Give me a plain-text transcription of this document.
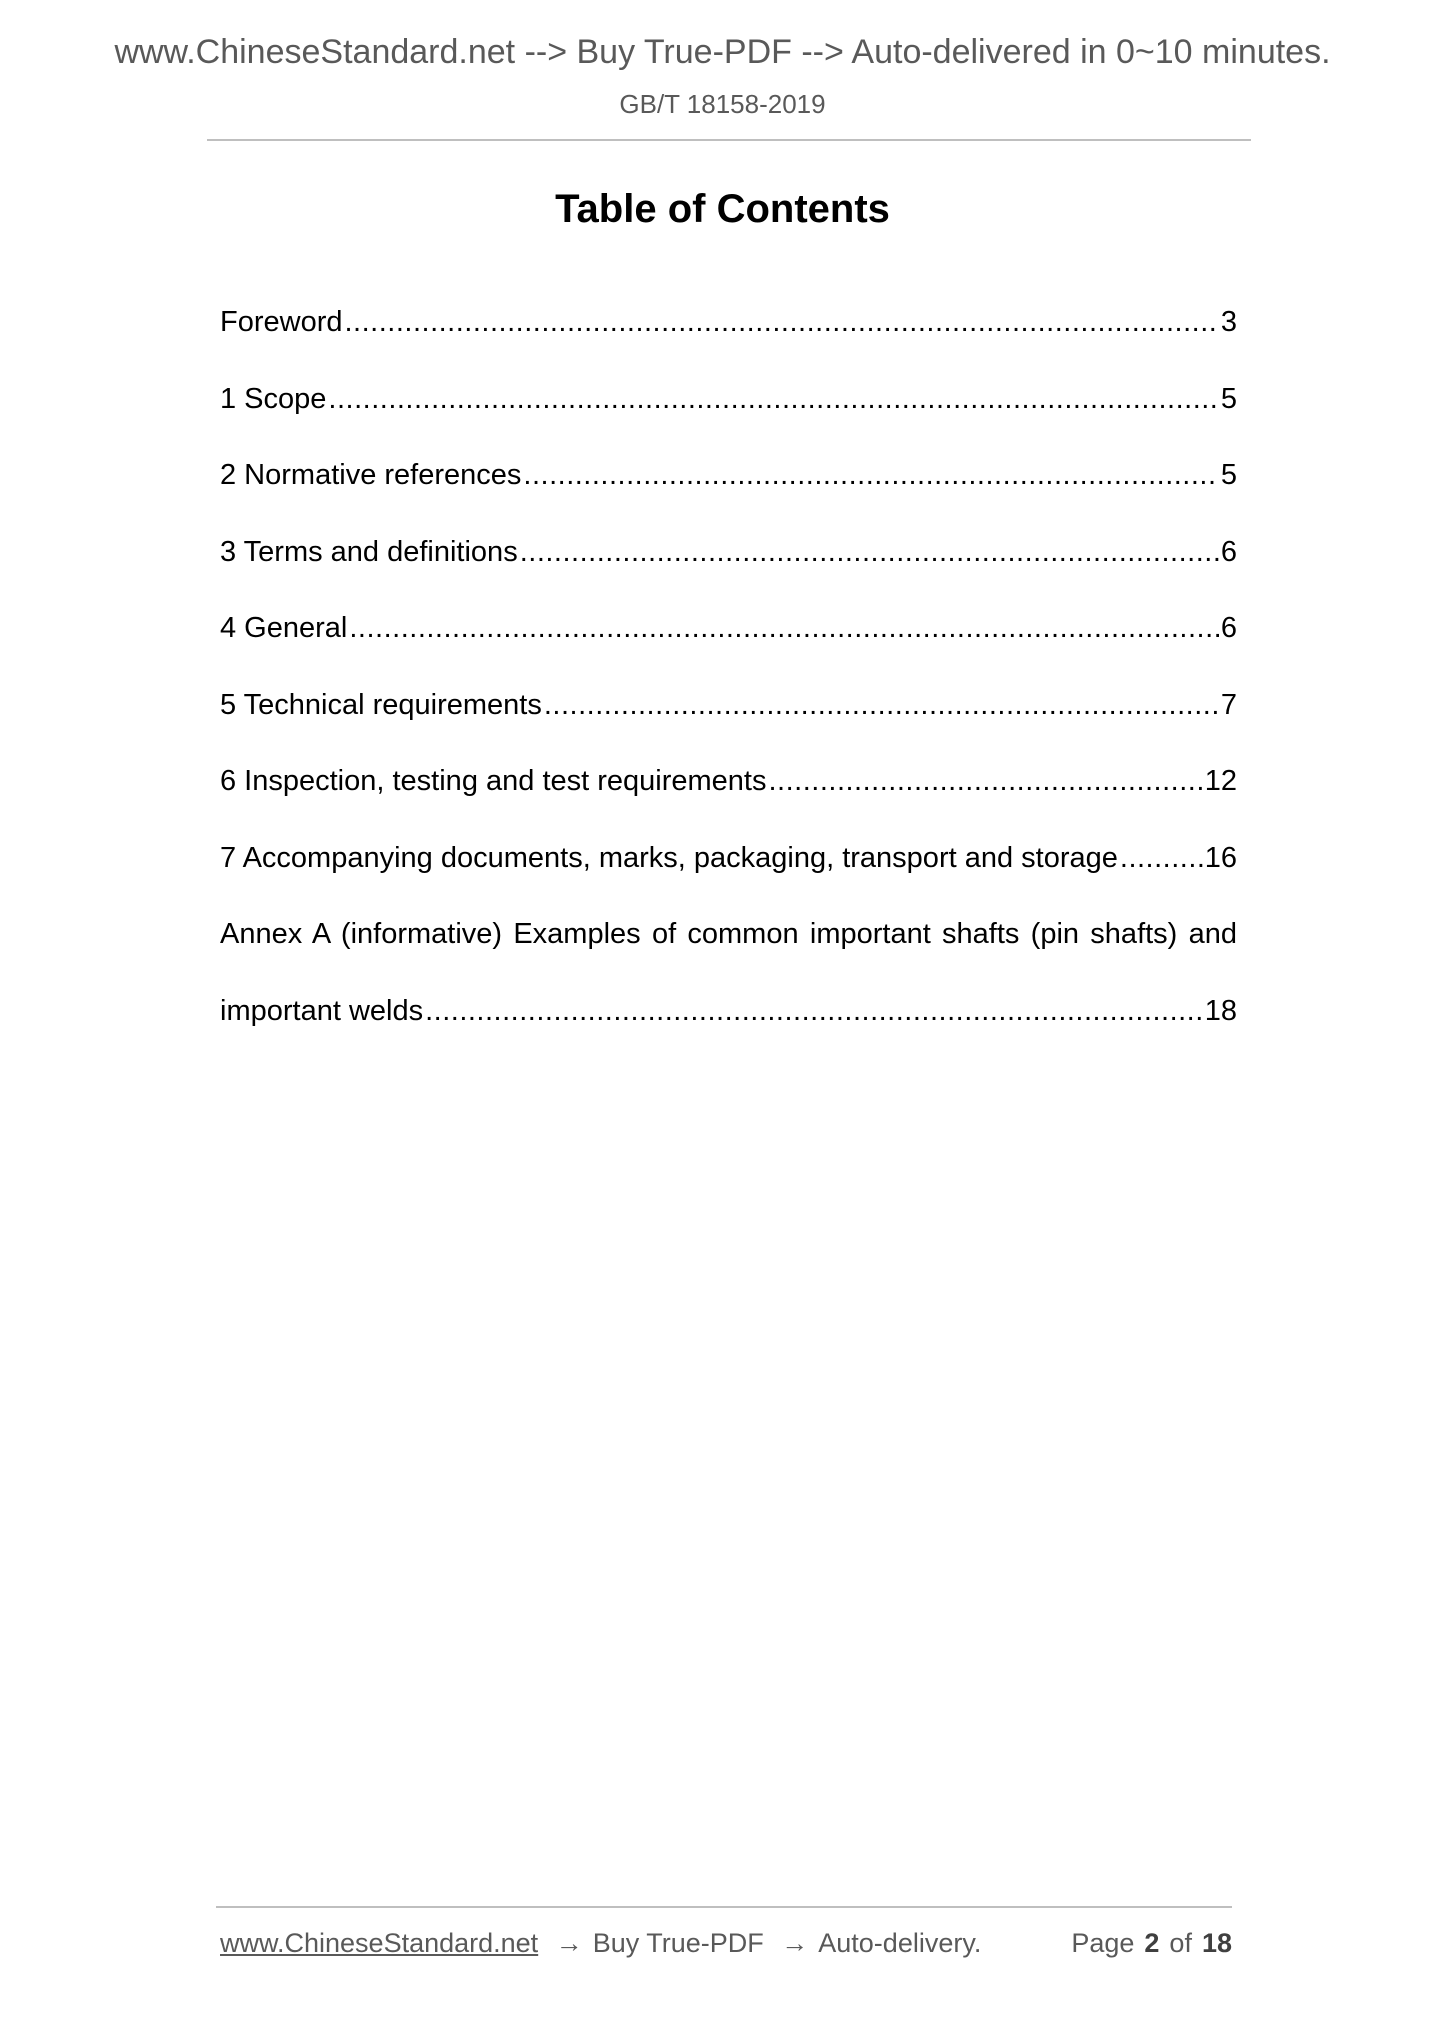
www.ChineseStandard.net --> Buy True-PDF --> Auto-delivered in 0~10 minutes.
GB/T 18158-2019
Table of Contents
Foreword .....	3
1 Scope .....	5
2 Normative references .....	5
3 Terms and definitions .....	6
4 General .....	6
5 Technical requirements .....	7
6 Inspection, testing and test requirements .....	12
7 Accompanying documents, marks, packaging, transport and storage .....	16
Annex A (informative) Examples of common important shafts (pin shafts) and
important welds .....	18
www.ChineseStandard.net → Buy True-PDF → Auto-delivery.	Page 2 of 18
